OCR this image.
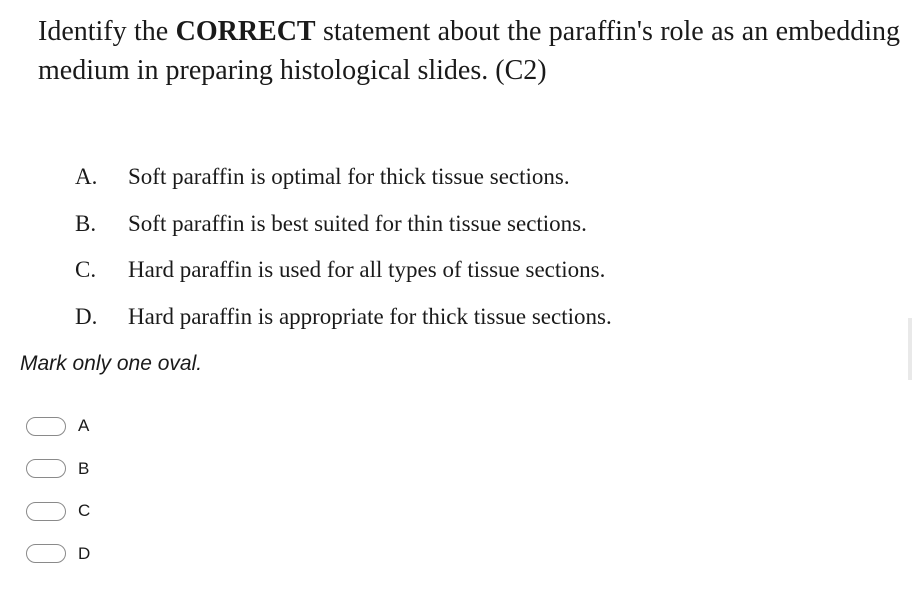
Identify the CORRECT statement about the paraffin's role as an embedding medium in preparing histological slides. (C2)
A.	Soft paraffin is optimal for thick tissue sections.
B.	Soft paraffin is best suited for thin tissue sections.
C.	Hard paraffin is used for all types of tissue sections.
D.	Hard paraffin is appropriate for thick tissue sections.
Mark only one oval.
A
B
C
D
